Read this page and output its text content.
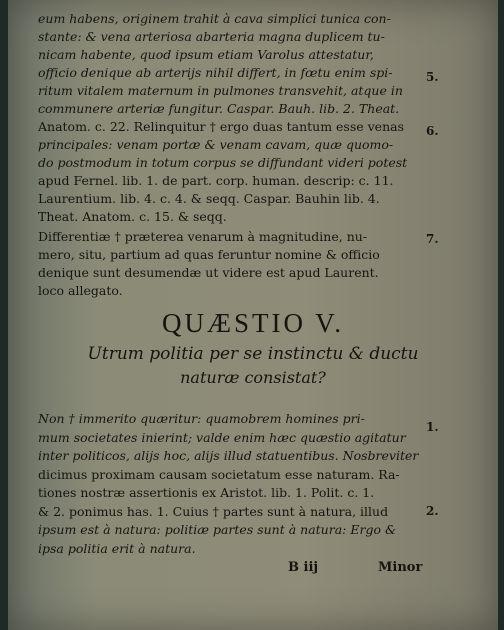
eum habens, originem trahit à cava simplici tunica con-
stante: & vena arteriosa abarteria magna duplicem tu-
nicam habente, quod ipsum etiam Varolus attestatur,
officio denique ab arterijs nihil differt, in fœtu enim spi-
ritum vitalem maternum in pulmones transvehit, atque in
communere arteriæ fungitur. Caspar. Bauh. lib. 2. Theat.
Anatom. c. 22. Relinquitur † ergo duas tantum esse venas
principales: venam portæ & venam cavam, quæ quomo-
do postmodum in totum corpus se diffundant videri potest
apud Fernel. lib. 1. de part. corp. human. descrip: c. 11.
Laurentium. lib. 4. c. 4. & seqq. Caspar. Bauhin lib. 4.
Theat. Anatom. c. 15. & seqq.
Differentiæ † præterea venarum à magnitudine, nu-
mero, situ, partium ad quas feruntur nomine & officio
denique sunt desumendæ ut videre est apud Laurent.
loco allegato.
QUÆSTIO V.
Utrum politia per se instinctu & ductu
naturæ consistat?
Non † immerito quæritur: quamobrem homines pri-
mum societates inierint; valde enim hæc quæstio agitatur
inter politicos, alijs hoc, alijs illud statuentibus. Nosbreviter
dicimus proximam causam societatum esse naturam. Ra-
tiones nostræ assertionis ex Aristot. lib. 1. Polit. c. 1.
& 2. ponimus has. 1. Cuius † partes sunt à natura, illud
ipsum est à natura: politiæ partes sunt à natura: Ergo &
ipsa politia erit à natura.
5.
6.
7.
1.
2.
B iij	Minor
